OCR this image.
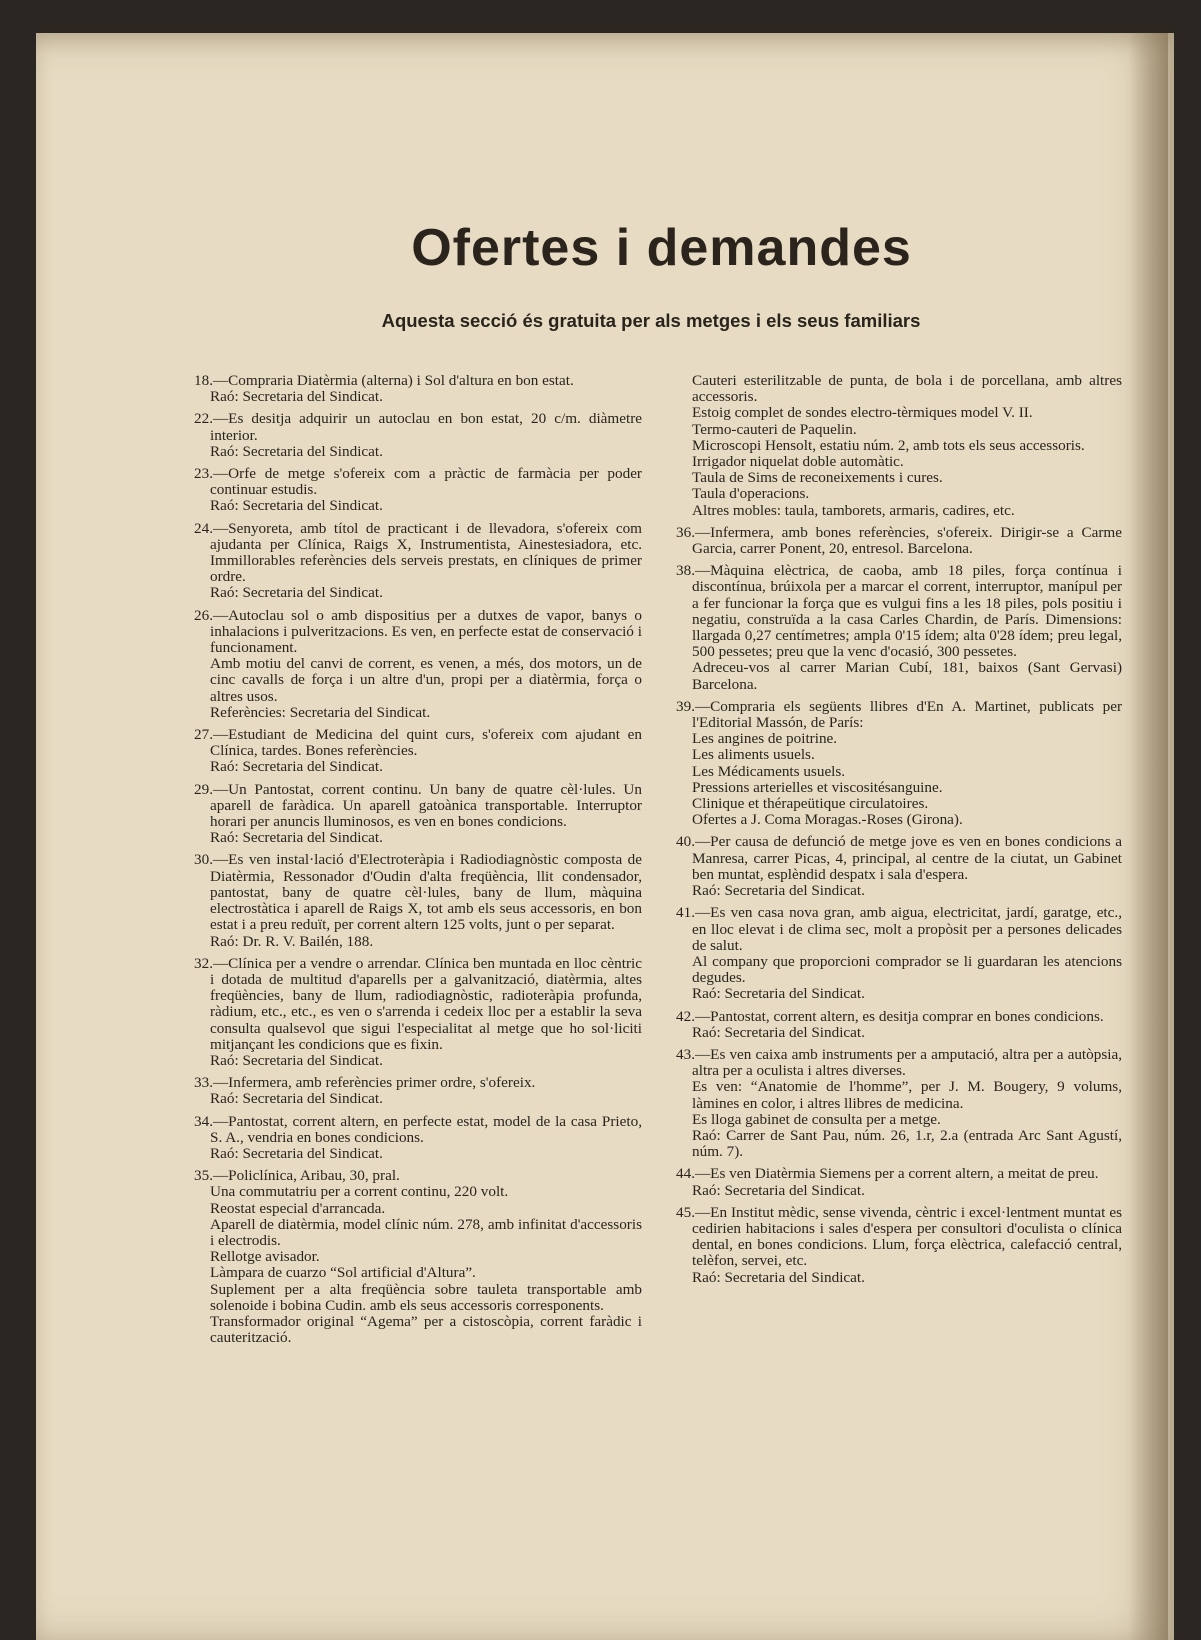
Ofertes i demandes
Aquesta secció és gratuita per als metges i els seus familiars

18.—Compraria Diatèrmia (alterna) i Sol d'altura en bon estat.

Raó: Secretaria del Sindicat.

22.—Es desitja adquirir un autoclau en bon estat, 20 c/m. diàmetre interior.

Raó: Secretaria del Sindicat.

23.—Orfe de metge s'ofereix com a pràctic de farmàcia per poder continuar estudis.

Raó: Secretaria del Sindicat.

24.—Senyoreta, amb títol de practicant i de llevadora, s'ofereix com ajudanta per Clínica, Raigs X, Instrumentista, Ainestesiadora, etc. Immillorables referències dels serveis prestats, en clíniques de primer ordre.

Raó: Secretaria del Sindicat.

26.—Autoclau sol o amb dispositius per a dutxes de vapor, banys o inhalacions i pulveritzacions. Es ven, en perfecte estat de conservació i funcionament.

Amb motiu del canvi de corrent, es venen, a més, dos motors, un de cinc cavalls de força i un altre d'un, propi per a diatèrmia, força o altres usos.

Referències: Secretaria del Sindicat.

27.—Estudiant de Medicina del quint curs, s'ofereix com ajudant en Clínica, tardes. Bones referències.

Raó: Secretaria del Sindicat.

29.—Un Pantostat, corrent continu. Un bany de quatre cèl·lules. Un aparell de faràdica. Un aparell gatoànica transportable. Interruptor horari per anuncis lluminosos, es ven en bones condicions.

Raó: Secretaria del Sindicat.

30.—Es ven instal·lació d'Electroteràpia i Radiodiagnòstic composta de Diatèrmia, Ressonador d'Oudin d'alta freqüència, llit condensador, pantostat, bany de quatre cèl·lules, bany de llum, màquina electrostàtica i aparell de Raigs X, tot amb els seus accessoris, en bon estat i a preu reduït, per corrent altern 125 volts, junt o per separat.

Raó: Dr. R. V. Bailén, 188.

32.—Clínica per a vendre o arrendar. Clínica ben muntada en lloc cèntric i dotada de multitud d'aparells per a galvanització, diatèrmia, altes freqüències, bany de llum, radiodiagnòstic, radioteràpia profunda, ràdium, etc., etc., es ven o s'arrenda i cedeix lloc per a establir la seva consulta qualsevol que sigui l'especialitat al metge que ho sol·liciti mitjançant les condicions que es fixin.

Raó: Secretaria del Sindicat.

33.—Infermera, amb referències primer ordre, s'ofereix.

Raó: Secretaria del Sindicat.

34.—Pantostat, corrent altern, en perfecte estat, model de la casa Prieto, S. A., vendria en bones condicions.

Raó: Secretaria del Sindicat.

35.—Policlínica, Aribau, 30, pral.

Una commutatriu per a corrent continu, 220 volt.

Reostat especial d'arrancada.

Aparell de diatèrmia, model clínic núm. 278, amb infinitat d'accessoris i electrodis.

Rellotge avisador.

Làmpara de cuarzo “Sol artificial d'Altura”.

Suplement per a alta freqüència sobre tauleta transportable amb solenoide i bobina Cudin. amb els seus accessoris corresponents.

Transformador original “Agema” per a cistoscòpia, corrent faràdic i cauterització.

Cauteri esterilitzable de punta, de bola i de porcellana, amb altres accessoris.

Estoig complet de sondes electro-tèrmiques model V. II.

Termo-cauteri de Paquelin.

Microscopi Hensolt, estatiu núm. 2, amb tots els seus accessoris.

Irrigador niquelat doble automàtic.

Taula de Sims de reconeixements i cures.

Taula d'operacions.

Altres mobles: taula, tamborets, armaris, cadires, etc.

36.—Infermera, amb bones referències, s'ofereix. Dirigir-se a Carme Garcia, carrer Ponent, 20, entresol. Barcelona.

38.—Màquina elèctrica, de caoba, amb 18 piles, força contínua i discontínua, brúixola per a marcar el corrent, interruptor, manípul per a fer funcionar la força que es vulgui fins a les 18 piles, pols positiu i negatiu, construïda a la casa Carles Chardin, de París. Dimensions: llargada 0,27 centímetres; ampla 0'15 ídem; alta 0'28 ídem; preu legal, 500 pessetes; preu que la venc d'ocasió, 300 pessetes.

Adreceu-vos al carrer Marian Cubí, 181, baixos (Sant Gervasi) Barcelona.

39.—Compraria els següents llibres d'En A. Martinet, publicats per l'Editorial Massón, de París:

Les angines de poitrine.

Les aliments usuels.

Les Médicaments usuels.

Pressions arterielles et viscositésanguine.

Clinique et thérapeütique circulatoires.

Ofertes a J. Coma Moragas.-Roses (Girona).

40.—Per causa de defunció de metge jove es ven en bones condicions a Manresa, carrer Picas, 4, principal, al centre de la ciutat, un Gabinet ben muntat, esplèndid despatx i sala d'espera.

Raó: Secretaria del Sindicat.

41.—Es ven casa nova gran, amb aigua, electricitat, jardí, garatge, etc., en lloc elevat i de clima sec, molt a propòsit per a persones delicades de salut.

Al company que proporcioni comprador se li guardaran les atencions degudes.

Raó: Secretaria del Sindicat.

42.—Pantostat, corrent altern, es desitja comprar en bones condicions.

Raó: Secretaria del Sindicat.

43.—Es ven caixa amb instruments per a amputació, altra per a autòpsia, altra per a oculista i altres diverses.

Es ven: “Anatomie de l'homme”, per J. M. Bougery, 9 volums, làmines en color, i altres llibres de medicina.

Es lloga gabinet de consulta per a metge.

Raó: Carrer de Sant Pau, núm. 26, 1.r, 2.a (entrada Arc Sant Agustí, núm. 7).

44.—Es ven Diatèrmia Siemens per a corrent altern, a meitat de preu.

Raó: Secretaria del Sindicat.

45.—En Institut mèdic, sense vivenda, cèntric i excel·lentment muntat es cedirien habitacions i sales d'espera per consultori d'oculista o clínica dental, en bones condicions. Llum, força elèctrica, calefacció central, telèfon, servei, etc.

Raó: Secretaria del Sindicat.
